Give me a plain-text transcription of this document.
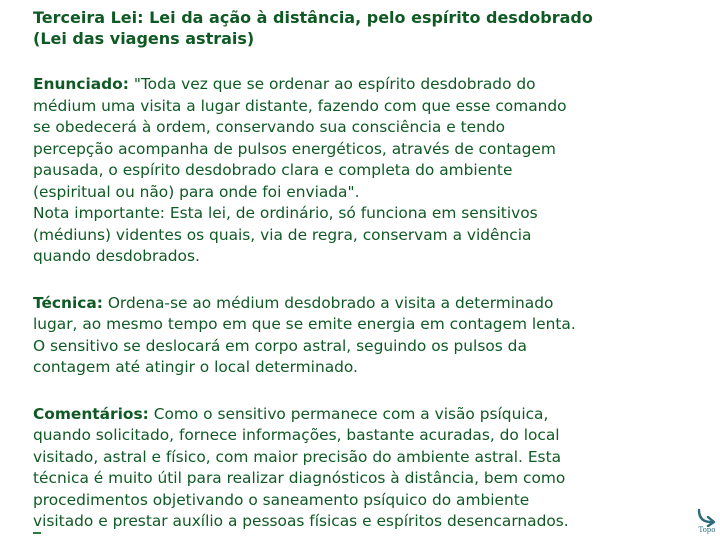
Terceira Lei: Lei da ação à distância, pelo espírito desdobrado
(Lei das viagens astrais)

Enunciado: "Toda vez que se ordenar ao espírito desdobrado do
médium uma visita a lugar distante, fazendo com que esse comando
se obedecerá à ordem, conservando sua consciência e tendo
percepção acompanha de pulsos energéticos, através de contagem
pausada, o espírito desdobrado clara e completa do ambiente
(espiritual ou não) para onde foi enviada".
Nota importante: Esta lei, de ordinário, só funciona em sensitivos
(médiuns) videntes os quais, via de regra, conservam a vidência
quando desdobrados.

Técnica: Ordena-se ao médium desdobrado a visita a determinado
lugar, ao mesmo tempo em que se emite energia em contagem lenta.
O sensitivo se deslocará em corpo astral, seguindo os pulsos da
contagem até atingir o local determinado.

Comentários: Como o sensitivo permanece com a visão psíquica,
quando solicitado, fornece informações, bastante acuradas, do local
visitado, astral e físico, com maior precisão do ambiente astral. Esta
técnica é muito útil para realizar diagnósticos à distância, bem como
procedimentos objetivando o saneamento psíquico do ambiente
visitado e prestar auxílio a pessoas físicas e espíritos desencarnados.	Topo
